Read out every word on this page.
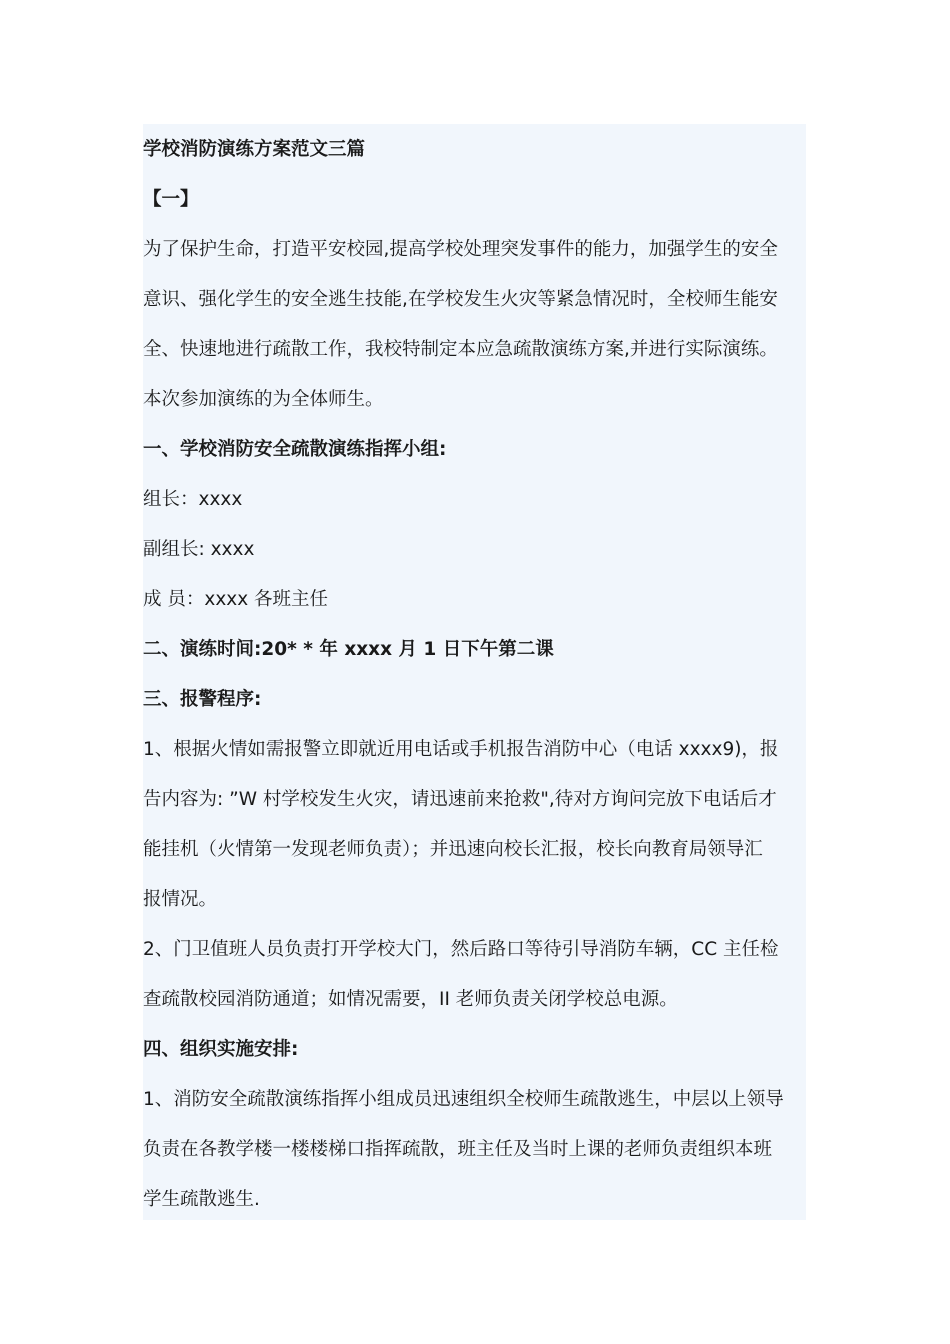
学校消防演练方案范文三篇
【一】
为了保护生命，打造平安校园,提高学校处理突发事件的能力，加强学生的安全
意识、强化学生的安全逃生技能,在学校发生火灾等紧急情况时，全校师生能安
全、快速地进行疏散工作，我校特制定本应急疏散演练方案,并进行实际演练。
本次参加演练的为全体师生。
一、学校消防安全疏散演练指挥小组:
组长：xxxx
副组长: xxxx
成 员：xxxx 各班主任
二、演练时间:20* * 年 xxxx 月 1 日下午第二课
三、报警程序:
1、根据火情如需报警立即就近用电话或手机报告消防中心（电话 xxxx9)，报
告内容为: ”W 村学校发生火灾，请迅速前来抢救",待对方询问完放下电话后才
能挂机（火情第一发现老师负责）；并迅速向校长汇报，校长向教育局领导汇
报情况。
2、门卫值班人员负责打开学校大门，然后路口等待引导消防车辆，CC 主任检
查疏散校园消防通道；如情况需要，II 老师负责关闭学校总电源。
四、组织实施安排:
1、消防安全疏散演练指挥小组成员迅速组织全校师生疏散逃生，中层以上领导
负责在各教学楼一楼楼梯口指挥疏散，班主任及当时上课的老师负责组织本班
学生疏散逃生.
